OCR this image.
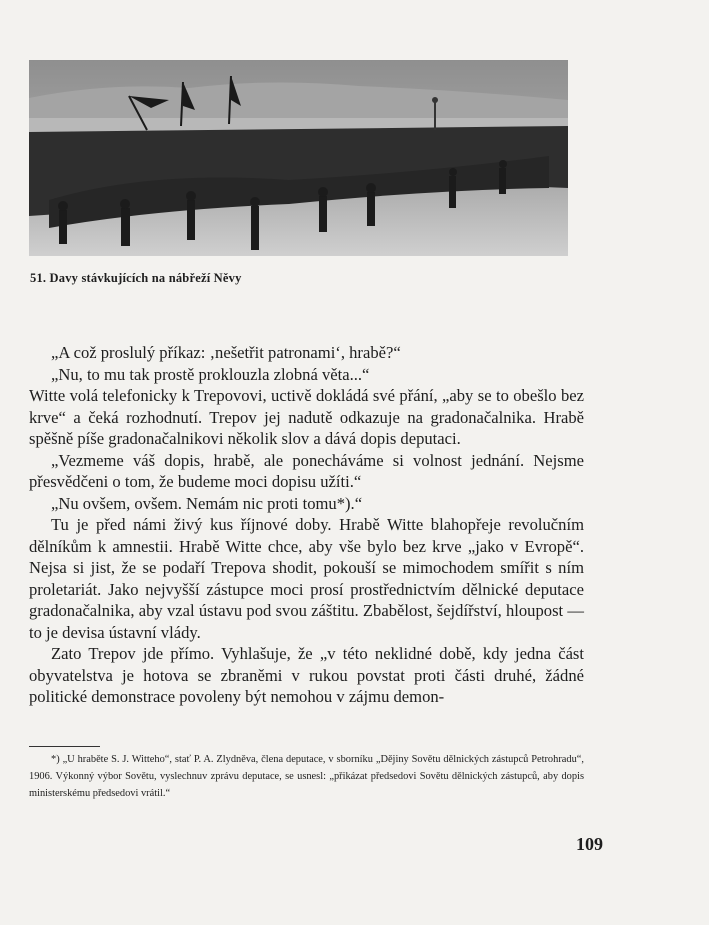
51. Davy stávkujících na nábřeží Něvy

„A což proslulý příkaz: ‚nešetřit patronami‘, hrabě?“

„Nu, to mu tak prostě proklouzla zlobná věta...“

Witte volá telefonicky k Trepovovi, uctivě dokládá své přání, „aby se to obešlo bez krve“ a čeká rozhodnutí. Trepov jej nadutě odkazuje na gradonačalnika. Hrabě spěšně píše gradonačalnikovi několik slov a dává dopis deputaci.

„Vezmeme váš dopis, hrabě, ale ponecháváme si volnost jednání. Nejsme přesvědčeni o tom, že budeme moci dopisu užíti.“

„Nu ovšem, ovšem. Nemám nic proti tomu*).“

Tu je před námi živý kus říjnové doby. Hrabě Witte blahopřeje revolučním dělníkům k amnestii. Hrabě Witte chce, aby vše bylo bez krve „jako v Evropě“. Nejsa si jist, že se podaří Trepova shodit, pokouší se mimochodem smířit s ním proletariát. Jako nejvyšší zástupce moci prosí prostřednictvím dělnické deputace gradonačalnika, aby vzal ústavu pod svou záštitu. Zbabělost, šejdířství, hloupost — to je devisa ústavní vlády.

Zato Trepov jde přímo. Vyhlašuje, že „v této neklidné době, kdy jedna část obyvatelstva je hotova se zbraněmi v rukou povstat proti části druhé, žádné politické demonstrace povoleny být nemohou v zájmu demon-

*) „U hraběte S. J. Witteho“, stať P. A. Zlydněva, člena deputace, v sborníku „Dějiny Sovětu dělnických zástupců Petrohradu“, 1906. Výkonný výbor Sovětu, vyslechnuv zprávu deputace, se usnesl: „přikázat předsedovi Sovětu dělnických zástupců, aby dopis ministerskému předsedovi vrátil.“

109
